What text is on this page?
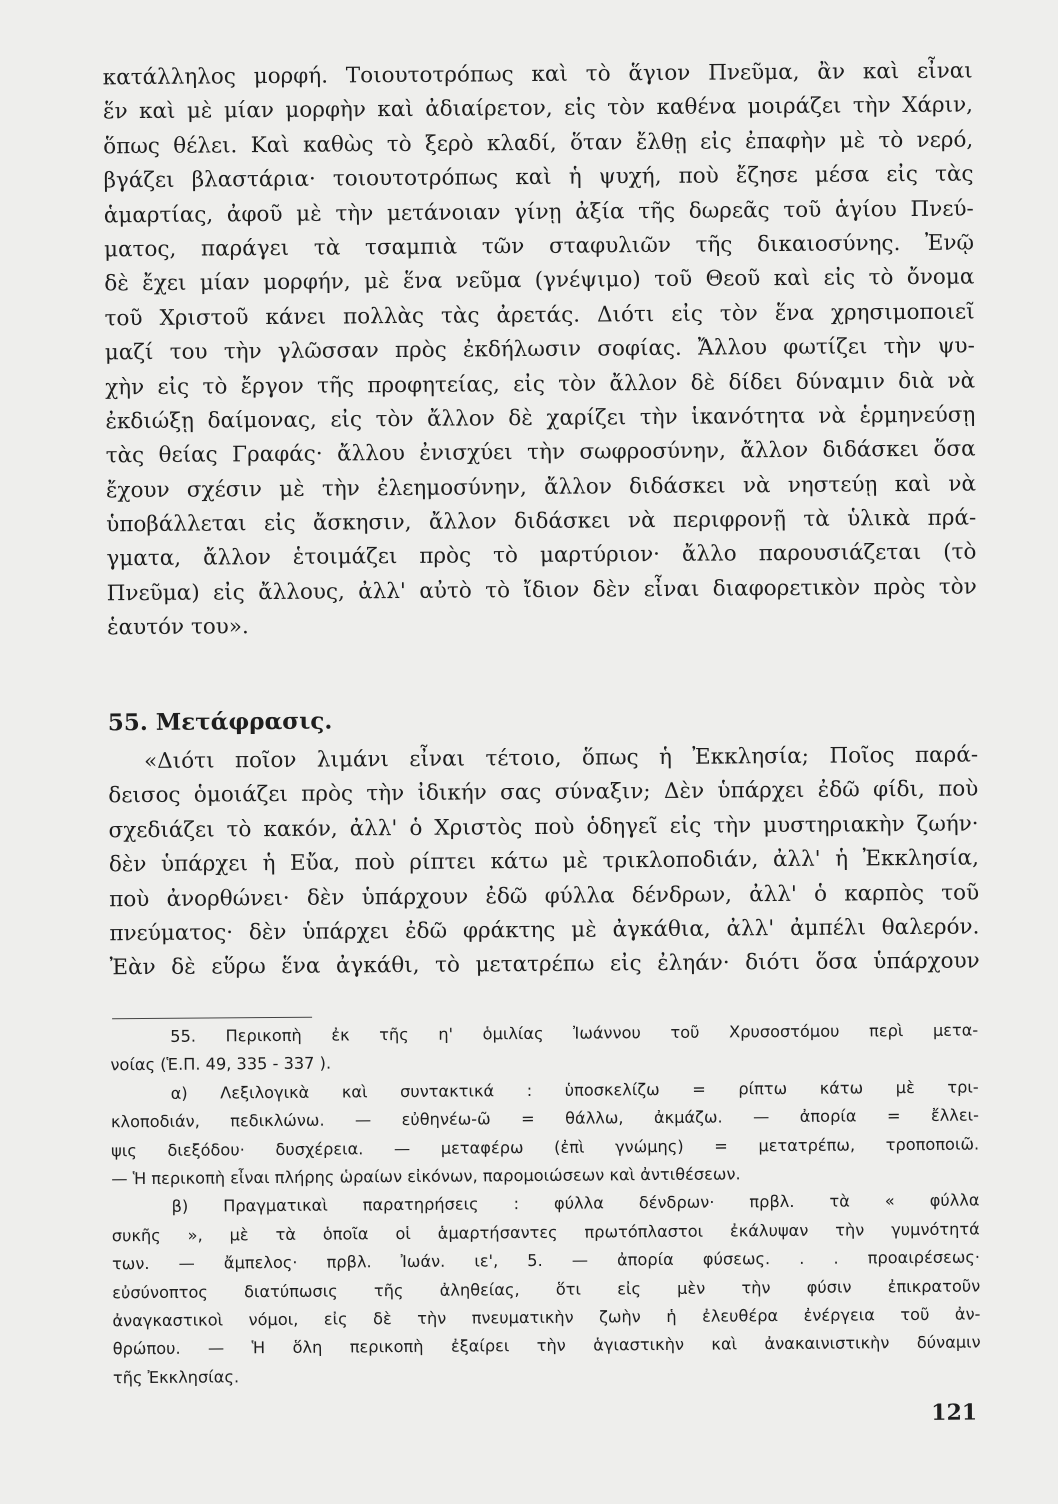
κατάλληλος μορφή. Τοιουτοτρόπως καὶ τὸ ἅγιον Πνεῦμα, ἂν καὶ εἶναι
ἕν καὶ μὲ μίαν μορφὴν καὶ ἀδιαίρετον, εἰς τὸν καθένα μοιράζει τὴν Χάριν,
ὅπως θέλει. Καὶ καθὼς τὸ ξερὸ κλαδί, ὅταν ἔλθῃ εἰς ἐπαφὴν μὲ τὸ νερό,
βγάζει βλαστάρια· τοιουτοτρόπως καὶ ἡ ψυχή, ποὺ ἔζησε μέσα εἰς τὰς
ἁμαρτίας, ἀφοῦ μὲ τὴν μετάνοιαν γίνῃ ἀξία τῆς δωρεᾶς τοῦ ἁγίου Πνεύ-
ματος, παράγει τὰ τσαμπιὰ τῶν σταφυλιῶν τῆς δικαιοσύνης. Ἐνῷ
δὲ ἔχει μίαν μορφήν, μὲ ἕνα νεῦμα (γνέψιμο) τοῦ Θεοῦ καὶ εἰς τὸ ὄνομα
τοῦ Χριστοῦ κάνει πολλὰς τὰς ἀρετάς. Διότι εἰς τὸν ἕνα χρησιμοποιεῖ
μαζί του τὴν γλῶσσαν πρὸς ἐκδήλωσιν σοφίας. Ἄλλου φωτίζει τὴν ψυ-
χὴν εἰς τὸ ἔργον τῆς προφητείας, εἰς τὸν ἄλλον δὲ δίδει δύναμιν διὰ νὰ
ἐκδιώξῃ δαίμονας, εἰς τὸν ἄλλον δὲ χαρίζει τὴν ἱκανότητα νὰ ἑρμηνεύσῃ
τὰς θείας Γραφάς· ἄλλου ἐνισχύει τὴν σωφροσύνην, ἄλλον διδάσκει ὅσα
ἔχουν σχέσιν μὲ τὴν ἐλεημοσύνην, ἄλλον διδάσκει νὰ νηστεύῃ καὶ νὰ
ὑποβάλλεται εἰς ἄσκησιν, ἄλλον διδάσκει νὰ περιφρονῇ τὰ ὑλικὰ πρά-
γματα, ἄλλον ἑτοιμάζει πρὸς τὸ μαρτύριον· ἄλλο παρουσιάζεται (τὸ
Πνεῦμα) εἰς ἄλλους, ἀλλ' αὐτὸ τὸ ἴδιον δὲν εἶναι διαφορετικὸν πρὸς τὸν
ἑαυτόν του».
55. Μετάφρασις.
«Διότι ποῖον λιμάνι εἶναι τέτοιο, ὅπως ἡ Ἐκκλησία; Ποῖος παρά-
δεισος ὁμοιάζει πρὸς τὴν ἰδικήν σας σύναξιν; Δὲν ὑπάρχει ἐδῶ φίδι, ποὺ
σχεδιάζει τὸ κακόν, ἀλλ' ὁ Χριστὸς ποὺ ὁδηγεῖ εἰς τὴν μυστηριακὴν ζωήν·
δὲν ὑπάρχει ἡ Εὔα, ποὺ ρίπτει κάτω μὲ τρικλοποδιάν, ἀλλ' ἡ Ἐκκλησία,
ποὺ ἀνορθώνει· δὲν ὑπάρχουν ἐδῶ φύλλα δένδρων, ἀλλ' ὁ καρπὸς τοῦ
πνεύματος· δὲν ὑπάρχει ἐδῶ φράκτης μὲ ἀγκάθια, ἀλλ' ἀμπέλι θαλερόν.
Ἐὰν δὲ εὕρω ἕνα ἀγκάθι, τὸ μετατρέπω εἰς ἐληάν· διότι ὅσα ὑπάρχουν
55. Περικοπὴ ἐκ τῆς η' ὁμιλίας Ἰωάννου τοῦ Χρυσοστόμου περὶ μετα-
νοίας (Ἑ.Π. 49, 335 - 337 ).
α) Λεξιλογικὰ καὶ συντακτικά : ὑποσκελίζω = ρίπτω κάτω μὲ τρι-
κλοποδιάν, πεδικλώνω. — εὐθηνέω-ῶ = θάλλω, ἀκμάζω. — ἀπορία = ἔλλει-
ψις διεξόδου· δυσχέρεια. — μεταφέρω (ἐπὶ γνώμης) = μετατρέπω, τροποποιῶ.
— Ἡ περικοπὴ εἶναι πλήρης ὡραίων εἰκόνων, παρομοιώσεων καὶ ἀντιθέσεων.
β) Πραγματικαὶ παρατηρήσεις : φύλλα δένδρων· πρβλ. τὰ « φύλλα
συκῆς », μὲ τὰ ὁποῖα οἱ ἁμαρτήσαντες πρωτόπλαστοι ἐκάλυψαν τὴν γυμνότητά
των. — ἄμπελος· πρβλ. Ἰωάν. ιε', 5. — ἀπορία φύσεως. . . προαιρέσεως·
εὐσύνοπτος διατύπωσις τῆς ἀληθείας, ὅτι εἰς μὲν τὴν φύσιν ἐπικρατοῦν
ἀναγκαστικοὶ νόμοι, εἰς δὲ τὴν πνευματικὴν ζωὴν ἡ ἐλευθέρα ἐνέργεια τοῦ ἀν-
θρώπου. — Ἡ ὅλη περικοπὴ ἐξαίρει τὴν ἁγιαστικὴν καὶ ἀνακαινιστικὴν δύναμιν
τῆς Ἐκκλησίας.
121
